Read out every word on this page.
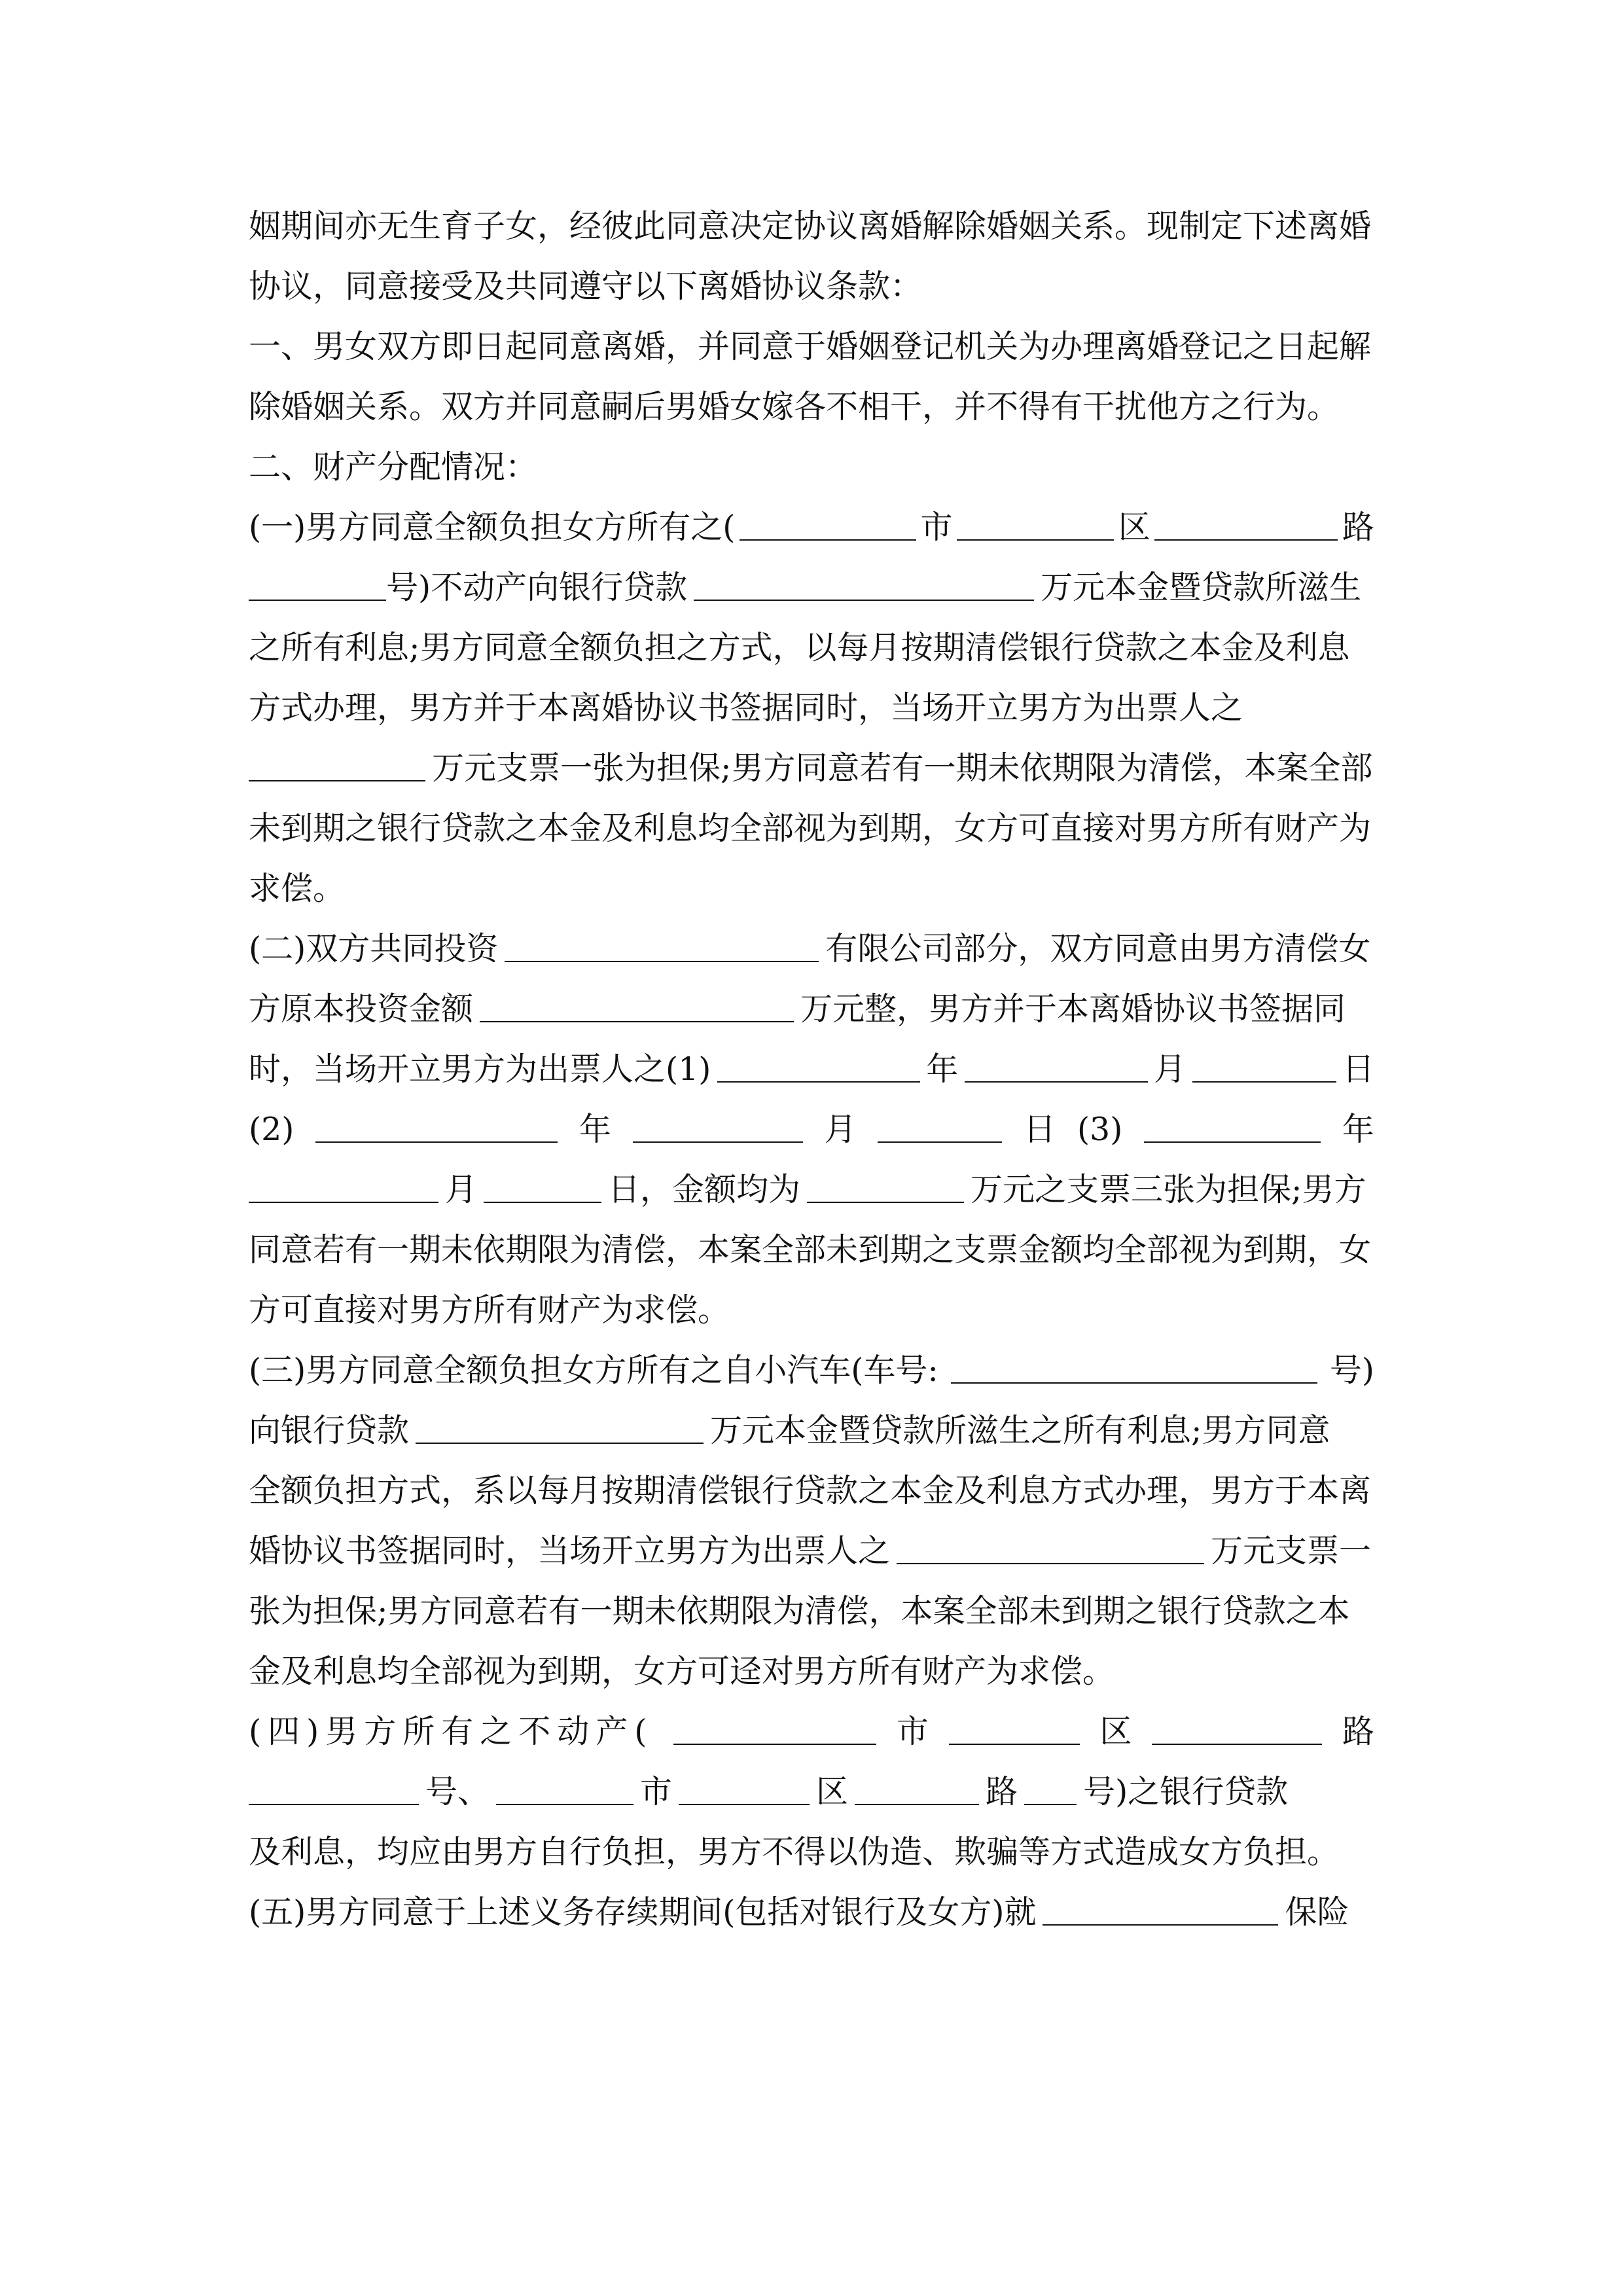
姻期间亦无生育子女，经彼此同意决定协议离婚解除婚姻关系。现制定下述离婚
协议，同意接受及共同遵守以下离婚协议条款：
一、男女双方即日起同意离婚，并同意于婚姻登记机关为办理离婚登记之日起解
除婚姻关系。双方并同意嗣后男婚女嫁各不相干，并不得有干扰他方之行为。
二、财产分配情况：
(一)男方同意全额负担女方所有之(	市	区	路
号)不动产向银行贷款	万元本金暨贷款所滋生
之所有利息;男方同意全额负担之方式，以每月按期清偿银行贷款之本金及利息
方式办理，男方并于本离婚协议书签据同时，当场开立男方为出票人之
万元支票一张为担保;男方同意若有一期未依期限为清偿，本案全部
未到期之银行贷款之本金及利息均全部视为到期，女方可直接对男方所有财产为
求偿。
(二)双方共同投资	有限公司部分，双方同意由男方清偿女
方原本投资金额	万元整，男方并于本离婚协议书签据同
时，当场开立男方为出票人之(1)	年	月	日
(2)	年	月	日 (3)	年
月	日，金额均为	万元之支票三张为担保;男方
同意若有一期未依期限为清偿，本案全部未到期之支票金额均全部视为到期，女
方可直接对男方所有财产为求偿。
(三)男方同意全额负担女方所有之自小汽车(车号:	号)
向银行贷款	万元本金暨贷款所滋生之所有利息;男方同意
全额负担方式，系以每月按期清偿银行贷款之本金及利息方式办理，男方于本离
婚协议书签据同时，当场开立男方为出票人之	万元支票一
张为担保;男方同意若有一期未依期限为清偿，本案全部未到期之银行贷款之本
金及利息均全部视为到期，女方可迳对男方所有财产为求偿。
(四)男方所有之不动产(	市	区	路
号、	市	区	路 号)之银行贷款
及利息，均应由男方自行负担，男方不得以伪造、欺骗等方式造成女方负担。
(五)男方同意于上述义务存续期间(包括对银行及女方)就	保险
